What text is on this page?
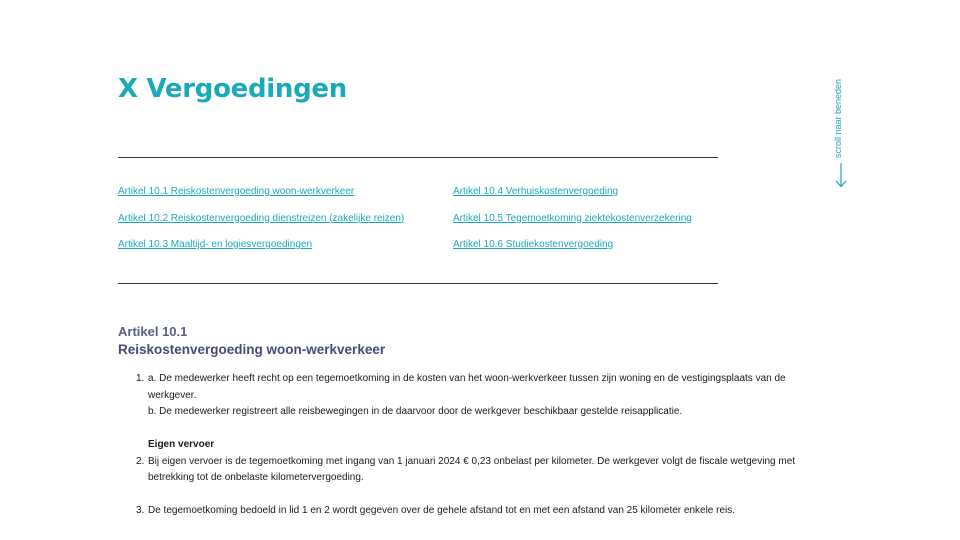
X Vergoedingen
Artikel 10.1 Reiskostenvergoeding woon-werkverkeer
Artikel 10.2 Reiskostenvergoeding dienstreizen (zakelijke reizen)
Artikel 10.3 Maaltijd- en logiesvergoedingen
Artikel 10.4 Verhuiskostenvergoeding
Artikel 10.5 Tegemoetkoming ziektekostenverzekering
Artikel 10.6 Studiekostenvergoeding
scroll naar beneden
Artikel 10.1
Reiskostenvergoeding woon-werkverkeer
1. a. De medewerker heeft recht op een tegemoetkoming in de kosten van het woon-werkverkeer tussen zijn woning en de vestigingsplaats van de werkgever.

b. De medewerker registreert alle reisbewegingen in de daarvoor door de werkgever beschikbaar gestelde reisapplicatie.

Eigen vervoer

2. Bij eigen vervoer is de tegemoetkoming met ingang van 1 januari 2024 € 0,23 onbelast per kilometer. De werkgever volgt de fiscale wetgeving met betrekking tot de onbelaste kilometervergoeding.

3. De tegemoetkoming bedoeld in lid 1 en 2 wordt gegeven over de gehele afstand tot en met een afstand van 25 kilometer enkele reis.
